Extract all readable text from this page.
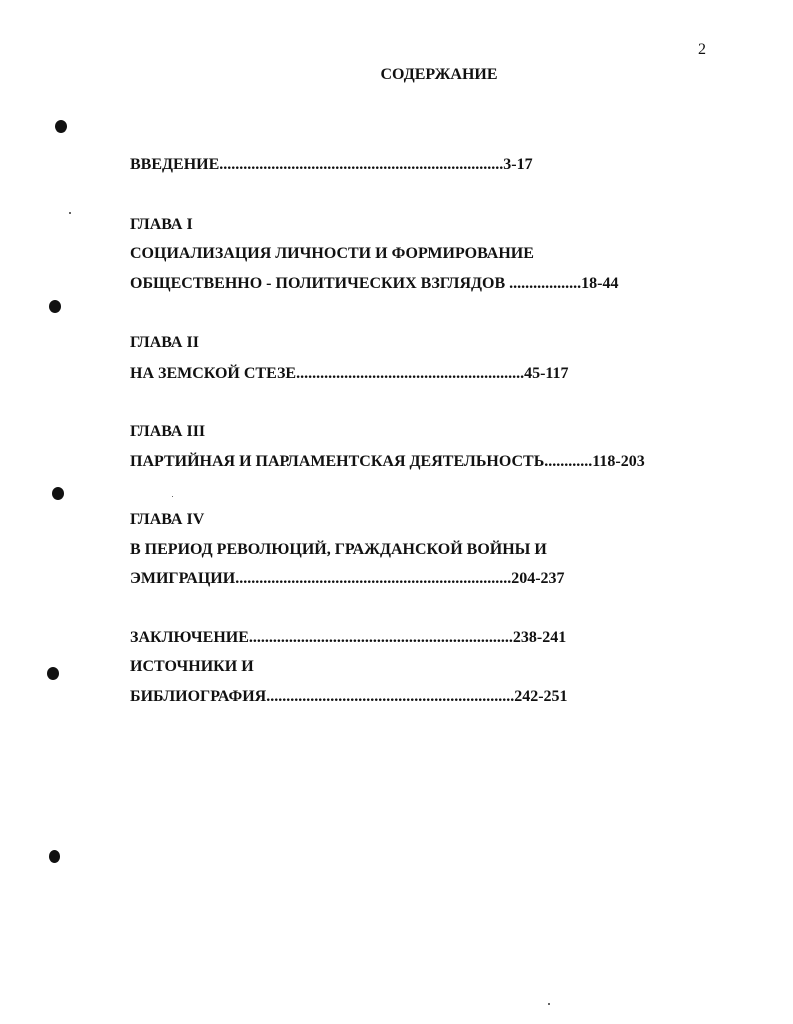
2
СОДЕРЖАНИЕ
ВВЕДЕНИЕ.......................................................................3-17
ГЛАВА I
СОЦИАЛИЗАЦИЯ ЛИЧНОСТИ И ФОРМИРОВАНИЕ
ОБЩЕСТВЕННО - ПОЛИТИЧЕСКИХ ВЗГЛЯДОВ ..................18-44
ГЛАВА II
НА ЗЕМСКОЙ СТЕЗЕ.........................................................45-117
ГЛАВА III
ПАРТИЙНАЯ И ПАРЛАМЕНТСКАЯ ДЕЯТЕЛЬНОСТЬ............118-203
ГЛАВА IV
В ПЕРИОД РЕВОЛЮЦИЙ, ГРАЖДАНСКОЙ ВОЙНЫ И
ЭМИГРАЦИИ.....................................................................204-237
ЗАКЛЮЧЕНИЕ..................................................................238-241
ИСТОЧНИКИ И
БИБЛИОГРАФИЯ..............................................................242-251
